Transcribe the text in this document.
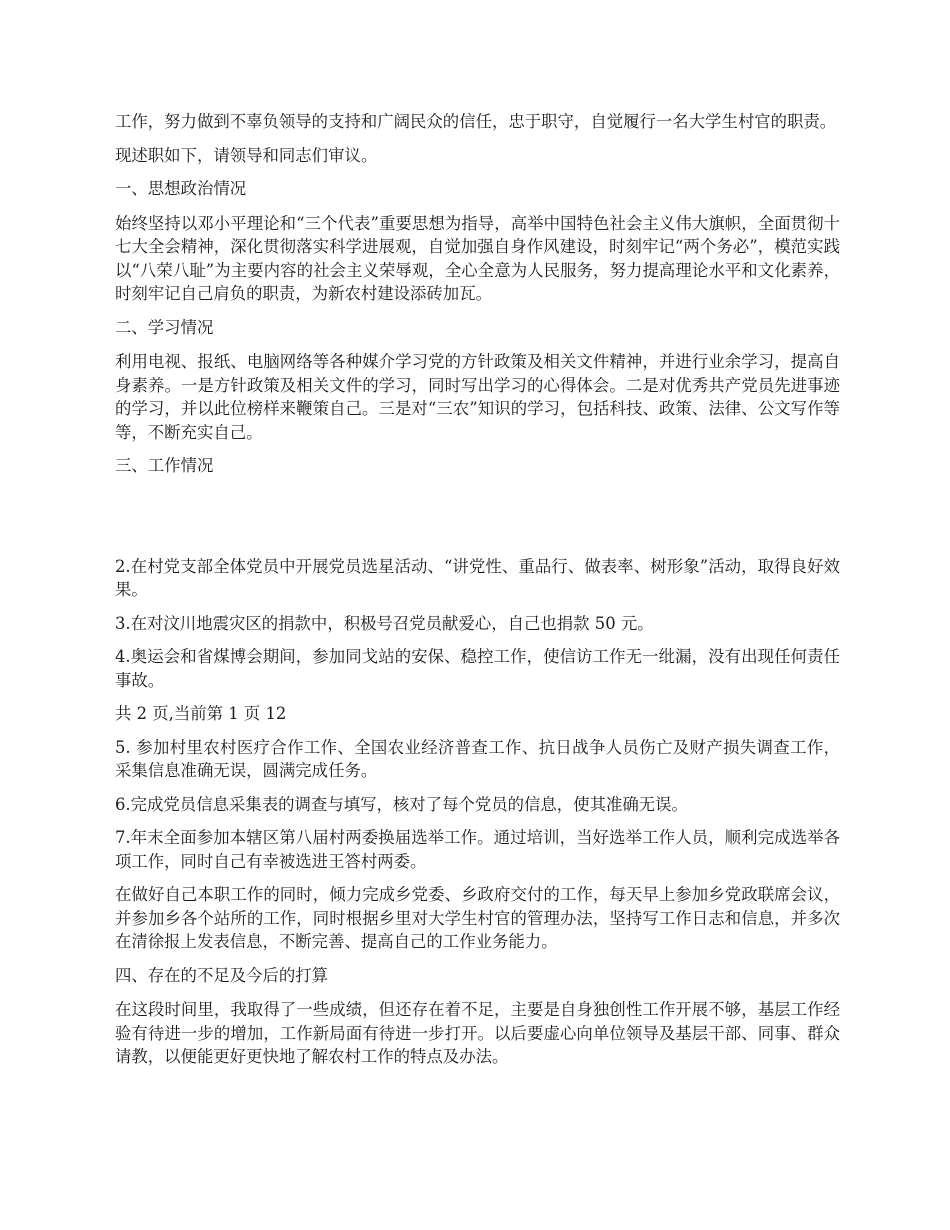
工作，努力做到不辜负领导的支持和广阔民众的信任，忠于职守，自觉履行一名大学生村官的职责。

现述职如下，请领导和同志们审议。

一、思想政治情况

始终坚持以邓小平理论和“三个代表”重要思想为指导，高举中国特色社会主义伟大旗帜，全面贯彻十七大全会精神，深化贯彻落实科学进展观，自觉加强自身作风建设，时刻牢记“两个务必”，模范实践以“八荣八耻”为主要内容的社会主义荣辱观，全心全意为人民服务，努力提高理论水平和文化素养，时刻牢记自己肩负的职责，为新农村建设添砖加瓦。

二、学习情况

利用电视、报纸、电脑网络等各种媒介学习党的方针政策及相关文件精神，并进行业余学习，提高自身素养。一是方针政策及相关文件的学习，同时写出学习的心得体会。二是对优秀共产党员先进事迹的学习，并以此位榜样来鞭策自己。三是对“三农”知识的学习，包括科技、政策、法律、公文写作等等，不断充实自己。

三、工作情况

2.在村党支部全体党员中开展党员选星活动、“讲党性、重品行、做表率、树形象”活动，取得良好效果。

3.在对汶川地震灾区的捐款中，积极号召党员献爱心，自己也捐款 50 元。

4.奥运会和省煤博会期间，参加同戈站的安保、稳控工作，使信访工作无一纰漏，没有出现任何责任事故。

共 2 页,当前第 1 页 12

5. 参加村里农村医疗合作工作、全国农业经济普查工作、抗日战争人员伤亡及财产损失调查工作，采集信息准确无误，圆满完成任务。

6.完成党员信息采集表的调查与填写，核对了每个党员的信息，使其准确无误。

7.年末全面参加本辖区第八届村两委换届选举工作。通过培训，当好选举工作人员，顺利完成选举各项工作，同时自己有幸被选进王答村两委。

在做好自己本职工作的同时，倾力完成乡党委、乡政府交付的工作，每天早上参加乡党政联席会议，并参加乡各个站所的工作，同时根据乡里对大学生村官的管理办法，坚持写工作日志和信息，并多次在清徐报上发表信息，不断完善、提高自己的工作业务能力。

四、存在的不足及今后的打算

在这段时间里，我取得了一些成绩，但还存在着不足，主要是自身独创性工作开展不够，基层工作经验有待进一步的增加，工作新局面有待进一步打开。以后要虚心向单位领导及基层干部、同事、群众请教，以便能更好更快地了解农村工作的特点及办法。
